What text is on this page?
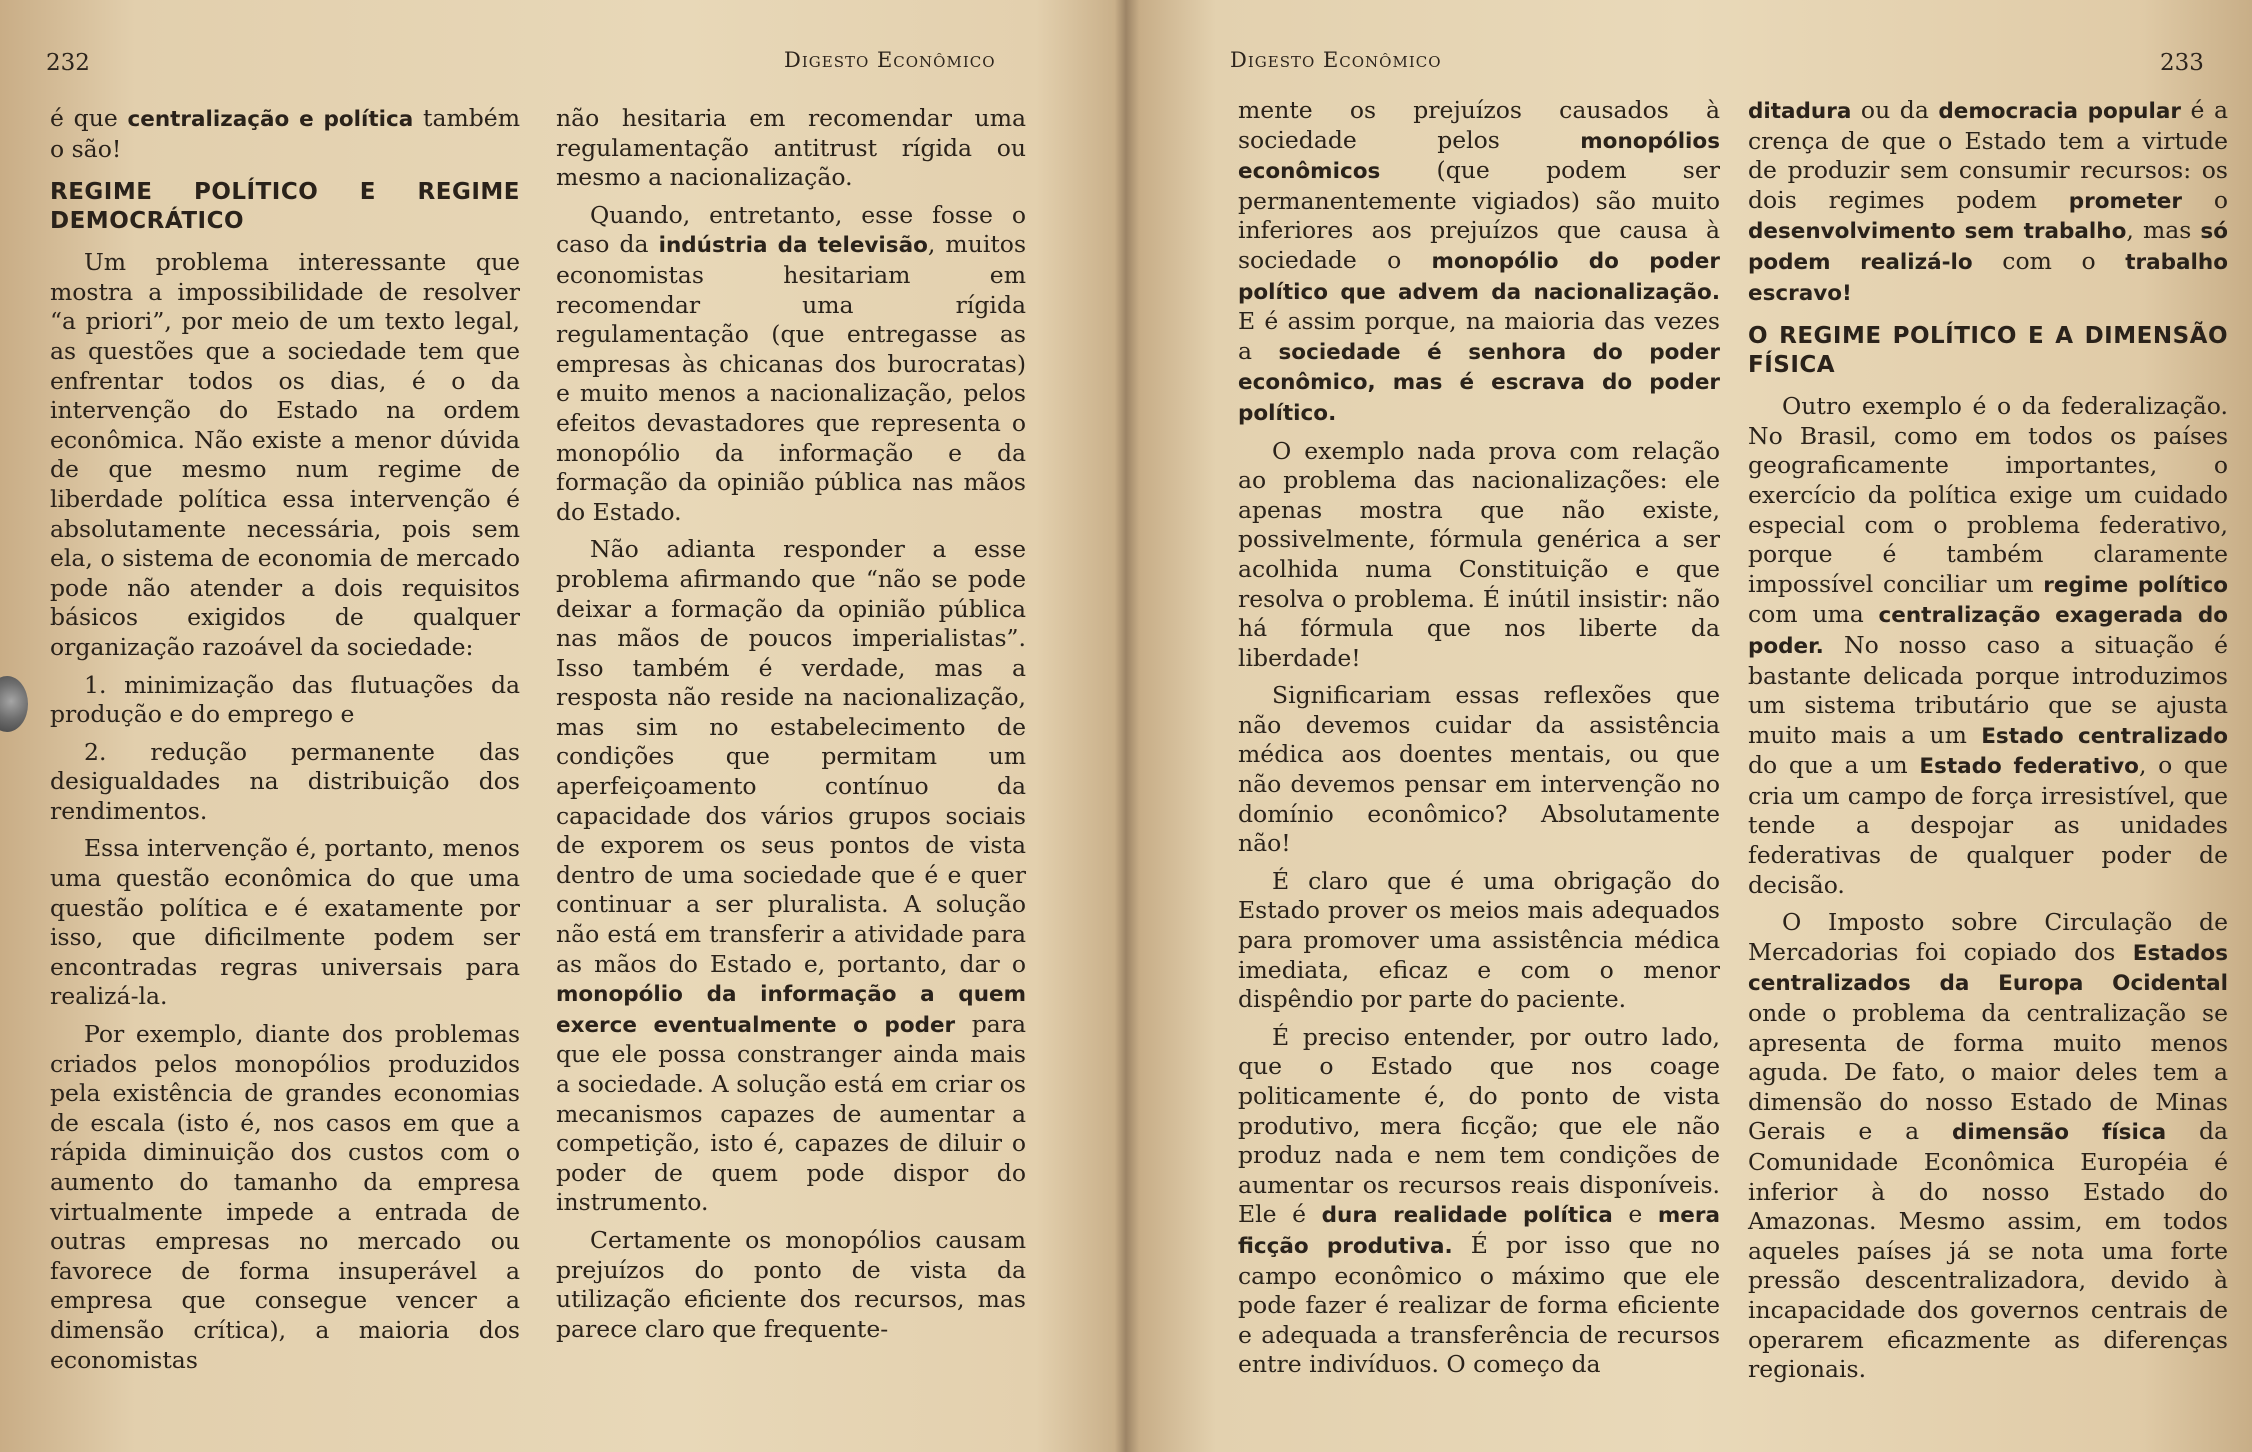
232	Digesto Econômico

é que centralização e política também o são!

REGIME POLÍTICO E REGIME DEMOCRÁTICO

Um problema interessante que mostra a impossibilidade de resolver “a priori”, por meio de um texto legal, as questões que a sociedade tem que enfrentar todos os dias, é o da intervenção do Estado na ordem econômica. Não existe a menor dúvida de que mesmo num regime de liberdade política essa intervenção é absolutamente necessária, pois sem ela, o sistema de economia de mercado pode não atender a dois requisitos básicos exigidos de qualquer organização razoável da sociedade:

1. minimização das flutuações da produção e do emprego e

2. redução permanente das desigualdades na distribuição dos rendimentos.

Essa intervenção é, portanto, menos uma questão econômica do que uma questão política e é exatamente por isso, que dificilmente podem ser encontradas regras universais para realizá-la.

Por exemplo, diante dos problemas criados pelos monopólios produzidos pela existência de grandes economias de escala (isto é, nos casos em que a rápida diminuição dos custos com o aumento do tamanho da empresa virtualmente impede a entrada de outras empresas no mercado ou favorece de forma insuperável a empresa que consegue vencer a dimensão crítica), a maioria dos economistas

não hesitaria em recomendar uma regulamentação antitrust rígida ou mesmo a nacionalização.

Quando, entretanto, esse fosse o caso da indústria da televisão, muitos economistas hesitariam em recomendar uma rígida regulamentação (que entregasse as empresas às chicanas dos burocratas) e muito menos a nacionalização, pelos efeitos devastadores que representa o monopólio da informação e da formação da opinião pública nas mãos do Estado.

Não adianta responder a esse problema afirmando que “não se pode deixar a formação da opinião pública nas mãos de poucos imperialistas”. Isso também é verdade, mas a resposta não reside na nacionalização, mas sim no estabelecimento de condições que permitam um aperfeiçoamento contínuo da capacidade dos vários grupos sociais de exporem os seus pontos de vista dentro de uma sociedade que é e quer continuar a ser pluralista. A solução não está em transferir a atividade para as mãos do Estado e, portanto, dar o monopólio da informação a quem exerce eventualmente o poder para que ele possa constranger ainda mais a sociedade. A solução está em criar os mecanismos capazes de aumentar a competição, isto é, capazes de diluir o poder de quem pode dispor do instrumento.

Certamente os monopólios causam prejuízos do ponto de vista da utilização eficiente dos recursos, mas parece claro que frequente-

Digesto Econômico	233

mente os prejuízos causados à sociedade pelos monopólios econômicos (que podem ser permanentemente vigiados) são muito inferiores aos prejuízos que causa à sociedade o monopólio do poder político que advem da nacionalização. E é assim porque, na maioria das vezes a sociedade é senhora do poder econômico, mas é escrava do poder político.

O exemplo nada prova com relação ao problema das nacionalizações: ele apenas mostra que não existe, possivelmente, fórmula genérica a ser acolhida numa Constituição e que resolva o problema. É inútil insistir: não há fórmula que nos liberte da liberdade!

Significariam essas reflexões que não devemos cuidar da assistência médica aos doentes mentais, ou que não devemos pensar em intervenção no domínio econômico? Absolutamente não!

É claro que é uma obrigação do Estado prover os meios mais adequados para promover uma assistência médica imediata, eficaz e com o menor dispêndio por parte do paciente.

É preciso entender, por outro lado, que o Estado que nos coage politicamente é, do ponto de vista produtivo, mera ficção; que ele não produz nada e nem tem condições de aumentar os recursos reais disponíveis. Ele é dura realidade política e mera ficção produtiva. É por isso que no campo econômico o máximo que ele pode fazer é realizar de forma eficiente e adequada a transferência de recursos entre indivíduos. O começo da

ditadura ou da democracia popular é a crença de que o Estado tem a virtude de produzir sem consumir recursos: os dois regimes podem prometer o desenvolvimento sem trabalho, mas só podem realizá-lo com o trabalho escravo!

O REGIME POLÍTICO E A DIMENSÃO FÍSICA

Outro exemplo é o da federalização. No Brasil, como em todos os países geograficamente importantes, o exercício da política exige um cuidado especial com o problema federativo, porque é também claramente impossível conciliar um regime político com uma centralização exagerada do poder. No nosso caso a situação é bastante delicada porque introduzimos um sistema tributário que se ajusta muito mais a um Estado centralizado do que a um Estado federativo, o que cria um campo de força irresistível, que tende a despojar as unidades federativas de qualquer poder de decisão.

O Imposto sobre Circulação de Mercadorias foi copiado dos Estados centralizados da Europa Ocidental onde o problema da centralização se apresenta de forma muito menos aguda. De fato, o maior deles tem a dimensão do nosso Estado de Minas Gerais e a dimensão física da Comunidade Econômica Européia é inferior à do nosso Estado do Amazonas. Mesmo assim, em todos aqueles países já se nota uma forte pressão descentralizadora, devido à incapacidade dos governos centrais de operarem eficazmente as diferenças regionais.
